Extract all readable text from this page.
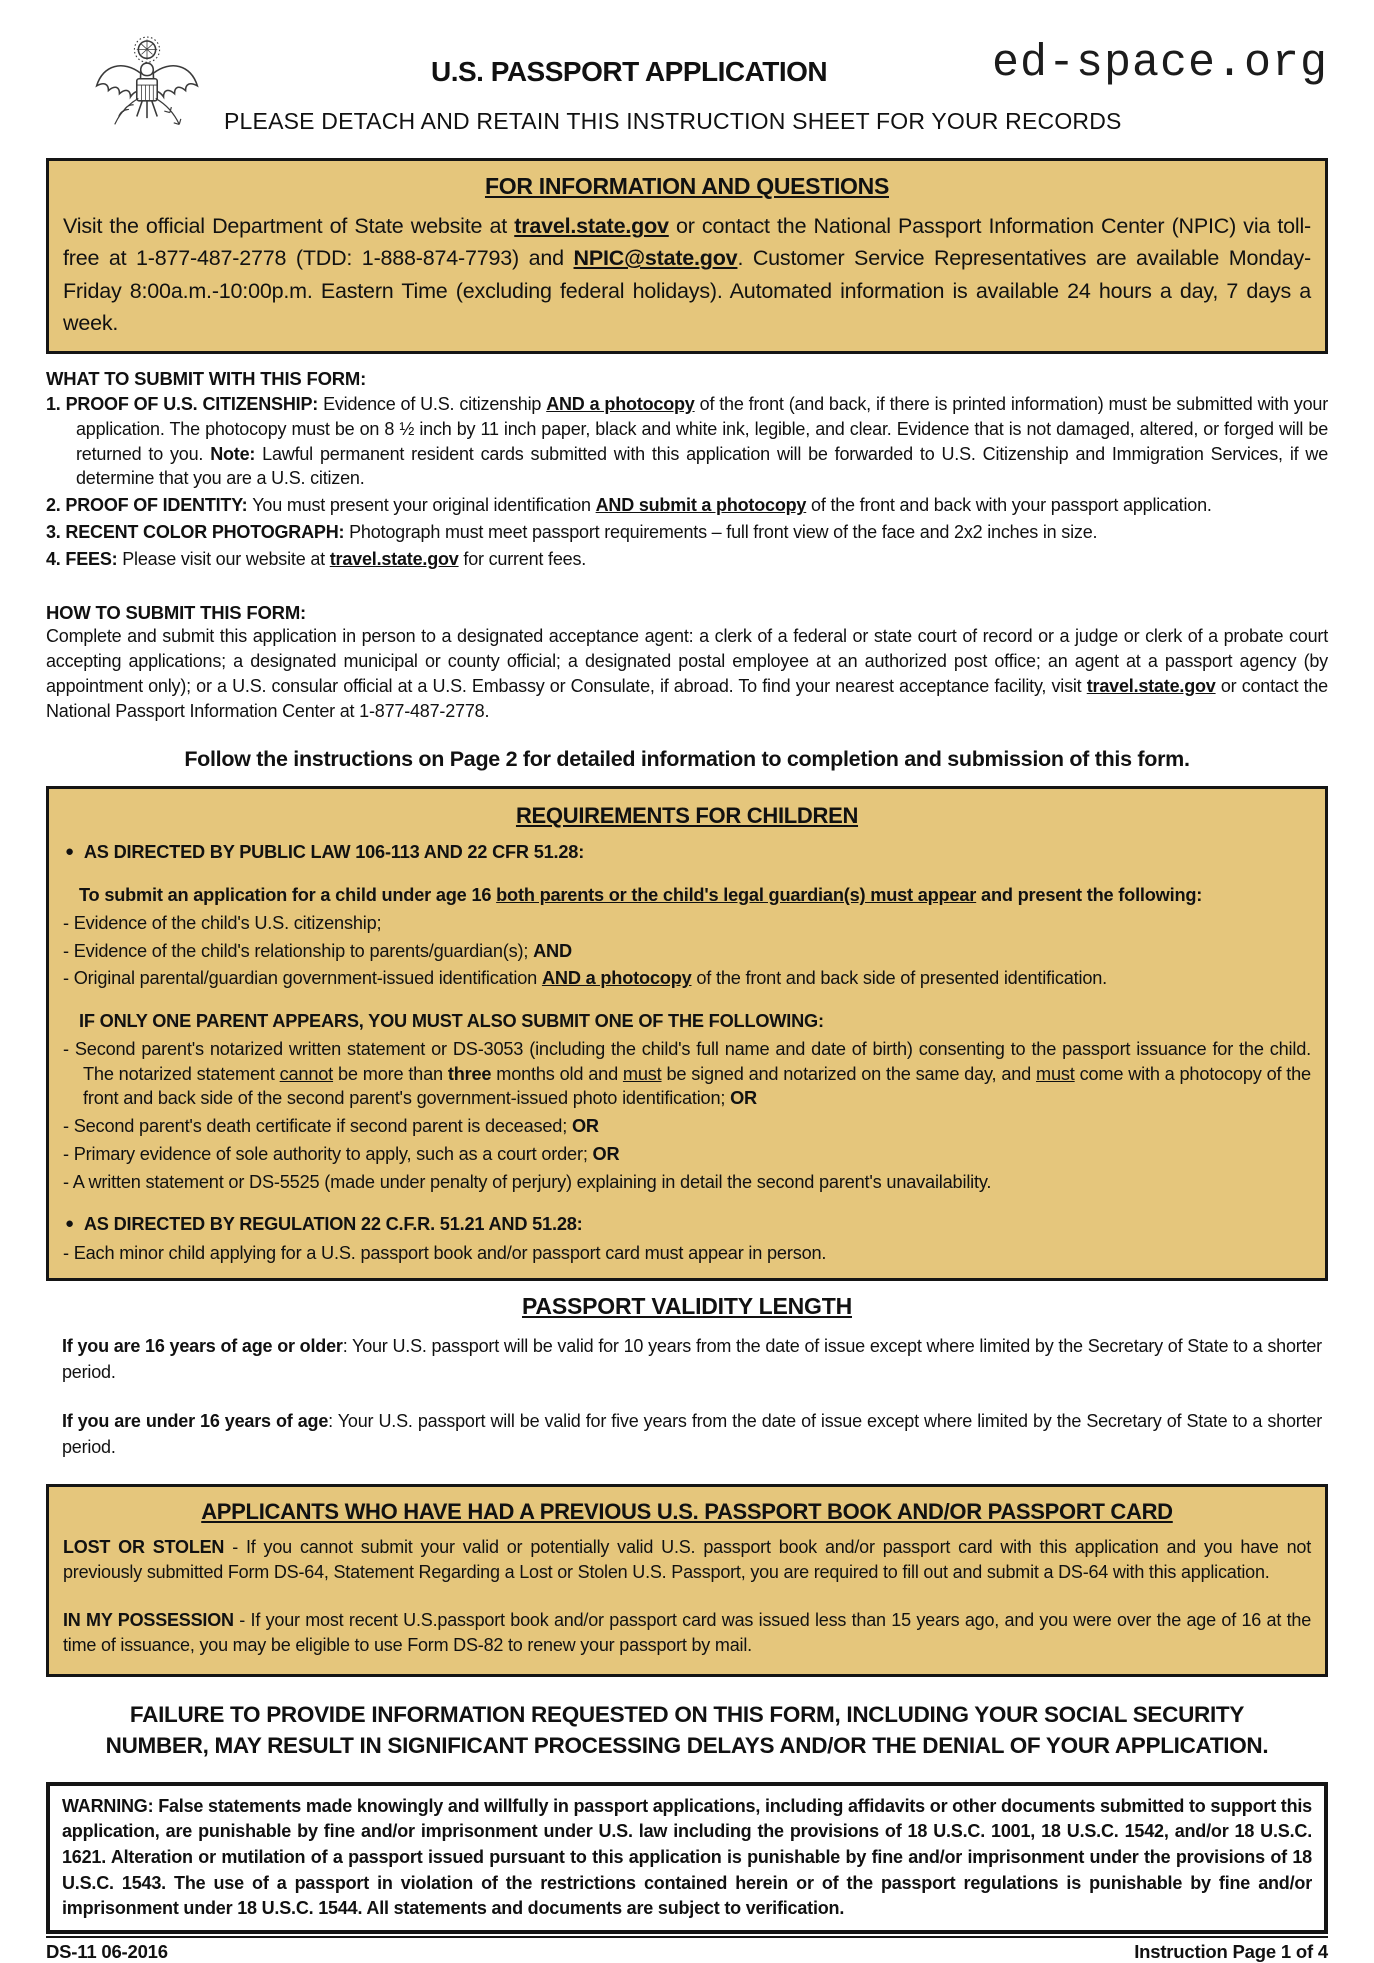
U.S. PASSPORT APPLICATION	ed-space.org
PLEASE DETACH AND RETAIN THIS INSTRUCTION SHEET FOR YOUR RECORDS
FOR INFORMATION AND QUESTIONS
Visit the official Department of State website at travel.state.gov or contact the National Passport Information Center (NPIC) via toll-free at 1-877-487-2778 (TDD: 1-888-874-7793) and NPIC@state.gov. Customer Service Representatives are available Monday-Friday 8:00a.m.-10:00p.m. Eastern Time (excluding federal holidays). Automated information is available 24 hours a day, 7 days a week.
WHAT TO SUBMIT WITH THIS FORM:
1. PROOF OF U.S. CITIZENSHIP: Evidence of U.S. citizenship AND a photocopy of the front (and back, if there is printed information) must be submitted with your application. The photocopy must be on 8 ½ inch by 11 inch paper, black and white ink, legible, and clear. Evidence that is not damaged, altered, or forged will be returned to you. Note: Lawful permanent resident cards submitted with this application will be forwarded to U.S. Citizenship and Immigration Services, if we determine that you are a U.S. citizen.
2. PROOF OF IDENTITY: You must present your original identification AND submit a photocopy of the front and back with your passport application.
3. RECENT COLOR PHOTOGRAPH: Photograph must meet passport requirements – full front view of the face and 2x2 inches in size.
4. FEES: Please visit our website at travel.state.gov for current fees.
HOW TO SUBMIT THIS FORM:
Complete and submit this application in person to a designated acceptance agent: a clerk of a federal or state court of record or a judge or clerk of a probate court accepting applications; a designated municipal or county official; a designated postal employee at an authorized post office; an agent at a passport agency (by appointment only); or a U.S. consular official at a U.S. Embassy or Consulate, if abroad. To find your nearest acceptance facility, visit travel.state.gov or contact the National Passport Information Center at 1-877-487-2778.
Follow the instructions on Page 2 for detailed information to completion and submission of this form.
REQUIREMENTS FOR CHILDREN
● AS DIRECTED BY PUBLIC LAW 106-113 AND 22 CFR 51.28:
To submit an application for a child under age 16 both parents or the child's legal guardian(s) must appear and present the following:
- Evidence of the child's U.S. citizenship;
- Evidence of the child's relationship to parents/guardian(s); AND
- Original parental/guardian government-issued identification AND a photocopy of the front and back side of presented identification.
IF ONLY ONE PARENT APPEARS, YOU MUST ALSO SUBMIT ONE OF THE FOLLOWING:
- Second parent's notarized written statement or DS-3053 (including the child's full name and date of birth) consenting to the passport issuance for the child. The notarized statement cannot be more than three months old and must be signed and notarized on the same day, and must come with a photocopy of the front and back side of the second parent's government-issued photo identification; OR
- Second parent's death certificate if second parent is deceased; OR
- Primary evidence of sole authority to apply, such as a court order; OR
- A written statement or DS-5525 (made under penalty of perjury) explaining in detail the second parent's unavailability.
● AS DIRECTED BY REGULATION 22 C.F.R. 51.21 AND 51.28:
- Each minor child applying for a U.S. passport book and/or passport card must appear in person.
PASSPORT VALIDITY LENGTH
If you are 16 years of age or older: Your U.S. passport will be valid for 10 years from the date of issue except where limited by the Secretary of State to a shorter period.
If you are under 16 years of age: Your U.S. passport will be valid for five years from the date of issue except where limited by the Secretary of State to a shorter period.
APPLICANTS WHO HAVE HAD A PREVIOUS U.S. PASSPORT BOOK AND/OR PASSPORT CARD
LOST OR STOLEN - If you cannot submit your valid or potentially valid U.S. passport book and/or passport card with this application and you have not previously submitted Form DS-64, Statement Regarding a Lost or Stolen U.S. Passport, you are required to fill out and submit a DS-64 with this application.
IN MY POSSESSION - If your most recent U.S.passport book and/or passport card was issued less than 15 years ago, and you were over the age of 16 at the time of issuance, you may be eligible to use Form DS-82 to renew your passport by mail.
FAILURE TO PROVIDE INFORMATION REQUESTED ON THIS FORM, INCLUDING YOUR SOCIAL SECURITY NUMBER, MAY RESULT IN SIGNIFICANT PROCESSING DELAYS AND/OR THE DENIAL OF YOUR APPLICATION.
WARNING: False statements made knowingly and willfully in passport applications, including affidavits or other documents submitted to support this application, are punishable by fine and/or imprisonment under U.S. law including the provisions of 18 U.S.C. 1001, 18 U.S.C. 1542, and/or 18 U.S.C. 1621. Alteration or mutilation of a passport issued pursuant to this application is punishable by fine and/or imprisonment under the provisions of 18 U.S.C. 1543. The use of a passport in violation of the restrictions contained herein or of the passport regulations is punishable by fine and/or imprisonment under 18 U.S.C. 1544. All statements and documents are subject to verification.
DS-11 06-2016	Instruction Page 1 of 4
